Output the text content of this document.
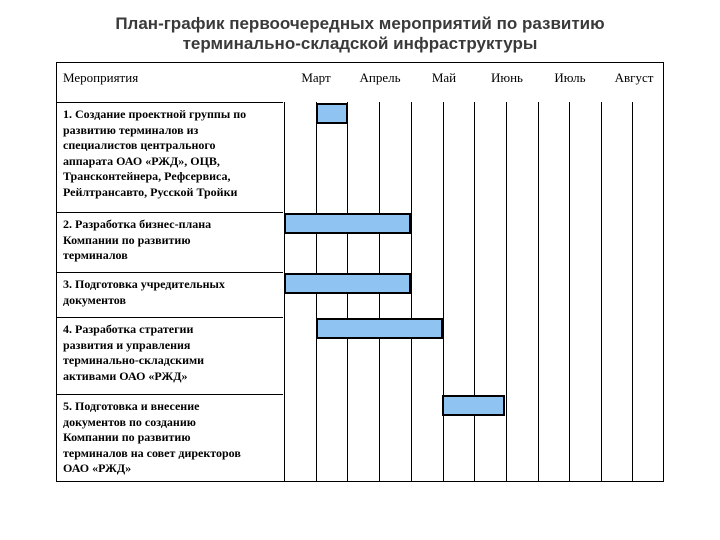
План-график первоочередных мероприятий по развитию
терминально-складской инфраструктуры
Мероприятия	Март	Апрель	Май	Июнь	Июль	Август
1. Создание проектной группы по
развитию терминалов из
специалистов центрального
аппарата ОАО «РЖД», ОЦВ,
Трансконтейнера, Рефсервиса,
Рейлтрансавто, Русской Тройки
2. Разработка бизнес-плана
Компании по развитию
терминалов
3. Подготовка учредительных
документов
4. Разработка стратегии
развития и управления
терминально-складскими
активами ОАО «РЖД»
5. Подготовка и внесение
документов по созданию
Компании по развитию
терминалов на совет директоров
ОАО «РЖД»
